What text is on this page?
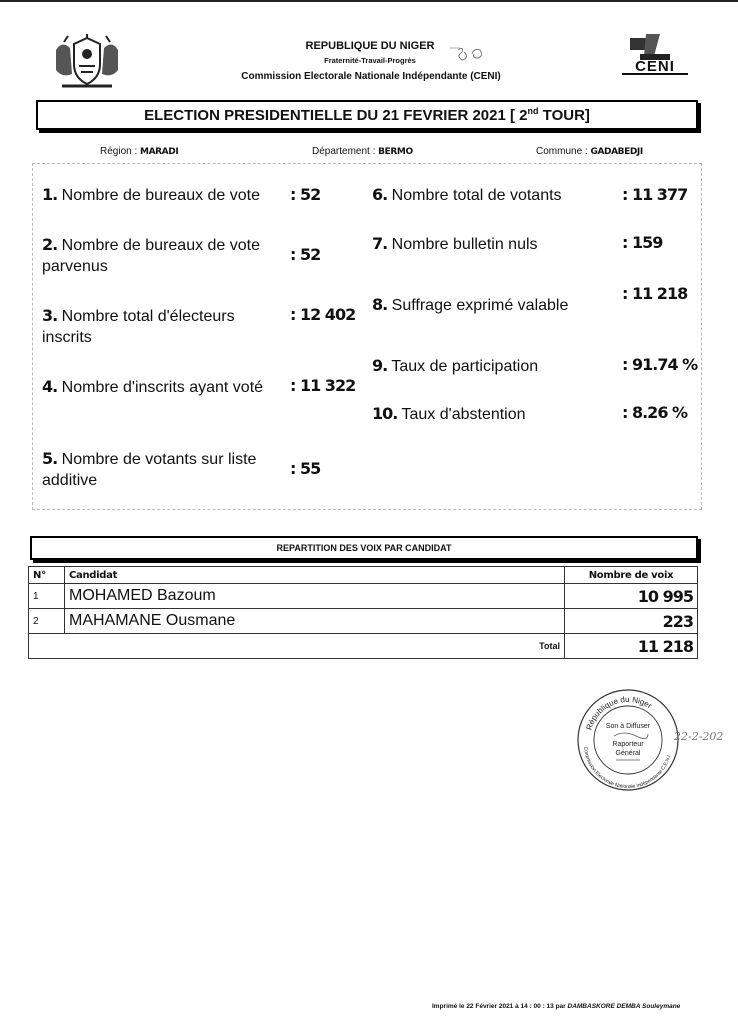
REPUBLIQUE DU NIGER
Fraternité-Travail-Progrès
Commission Electorale Nationale Indépendante (CENI)
CENI
ELECTION PRESIDENTIELLE DU 21 FEVRIER 2021 [ 2nd TOUR]
Région : MARADI	Département : BERMO	Commune : GADABEDJI
1. Nombre de bureaux de vote	: 52
2. Nombre de bureaux de vote parvenus
: 52
3. Nombre total d'électeurs inscrits
: 12 402
4. Nombre d'inscrits ayant voté : 11 322
5. Nombre de votants sur liste additive
: 55
6. Nombre total de votants	: 11 377
7. Nombre bulletin nuls	: 159
8. Suffrage exprimé valable
: 11 218
9. Taux de participation	: 91.74 %
10. Taux d'abstention	: 8.26 %
REPARTITION DES VOIX PAR CANDIDAT
N°	Candidat	Nombre de voix
1	MOHAMED Bazoum	10 995
2	MAHAMANE Ousmane	223
Total		11 218
République du Niger
Commission Electorale Nationale Indépendante C.E.N.I
Son à Diffuser
Raporteur
Général
22-2-202
Imprimé le 22 Février 2021 à 14 : 00 : 13 par DAMBASKORE DEMBA Souleymane
